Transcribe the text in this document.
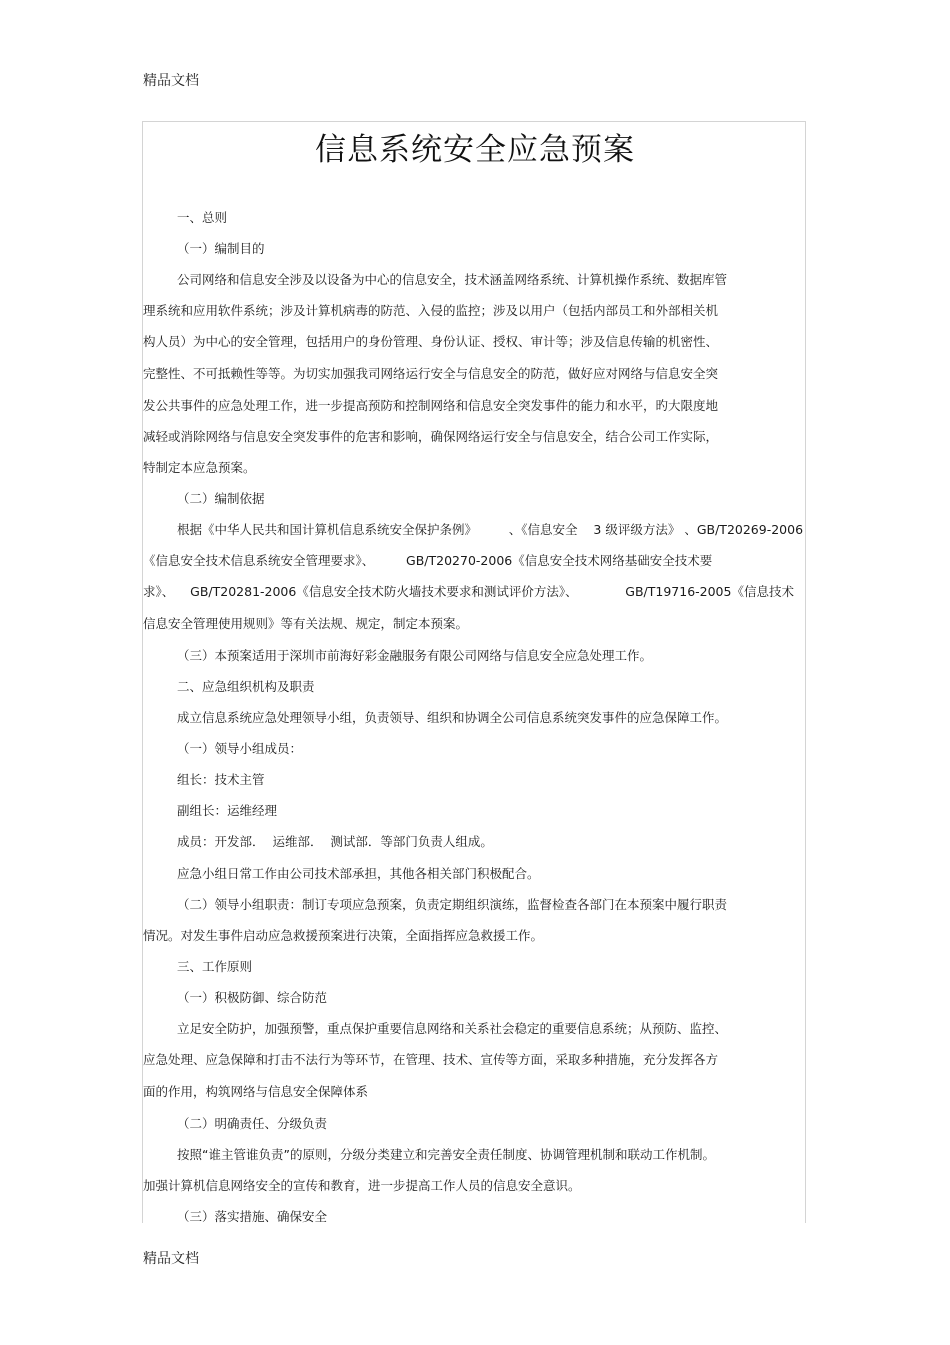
精品文档
信息系统安全应急预案
一、总则
（一）编制目的
公司网络和信息安全涉及以设备为中心的信息安全，技术涵盖网络系统、计算机操作系统、数据库管
理系统和应用软件系统；涉及计算机病毒的防范、入侵的监控；涉及以用户（包括内部员工和外部相关机
构人员）为中心的安全管理，包括用户的身份管理、身份认证、授权、审计等；涉及信息传输的机密性、
完整性、不可抵赖性等等。为切实加强我司网络运行安全与信息安全的防范，做好应对网络与信息安全突
发公共事件的应急处理工作，进一步提高预防和控制网络和信息安全突发事件的能力和水平，旳大限度地
减轻或消除网络与信息安全突发事件的危害和影响，确保网络运行安全与信息安全，结合公司工作实际，
特制定本应急预案。
（二）编制依据
根据《中华人民共和国计算机信息系统安全保护条例》        、《信息安全    3 级评级方法》 、GB/T20269-2006
《信息安全技术信息系统安全管理要求》、        GB/T20270-2006《信息安全技术网络基础安全技术要
求》、    GB/T20281-2006《信息安全技术防火墙技术要求和测试评价方法》、            GB/T19716-2005《信息技术
信息安全管理使用规则》等有关法规、规定，制定本预案。
（三）本预案适用于深圳市前海好彩金融服务有限公司网络与信息安全应急处理工作。
二、应急组织机构及职责
成立信息系统应急处理领导小组，负责领导、组织和协调全公司信息系统突发事件的应急保障工作。
（一）领导小组成员：
组长：技术主管
副组长：运维经理
成员：开发部．  运维部．  测试部．等部门负责人组成。
应急小组日常工作由公司技术部承担，其他各相关部门积极配合。
（二）领导小组职责：制订专项应急预案，负责定期组织演练，监督检查各部门在本预案中履行职责
情况。对发生事件启动应急救援预案进行决策，全面指挥应急救援工作。
三、工作原则
（一）积极防御、综合防范
立足安全防护，加强预警，重点保护重要信息网络和关系社会稳定的重要信息系统；从预防、监控、
应急处理、应急保障和打击不法行为等环节，在管理、技术、宣传等方面，采取多种措施，充分发挥各方
面的作用，构筑网络与信息安全保障体系
（二）明确责任、分级负责
按照“谁主管谁负责”的原则，分级分类建立和完善安全责任制度、协调管理机制和联动工作机制。
加强计算机信息网络安全的宣传和教育，进一步提高工作人员的信息安全意识。
（三）落实措施、确保安全
精品文档
